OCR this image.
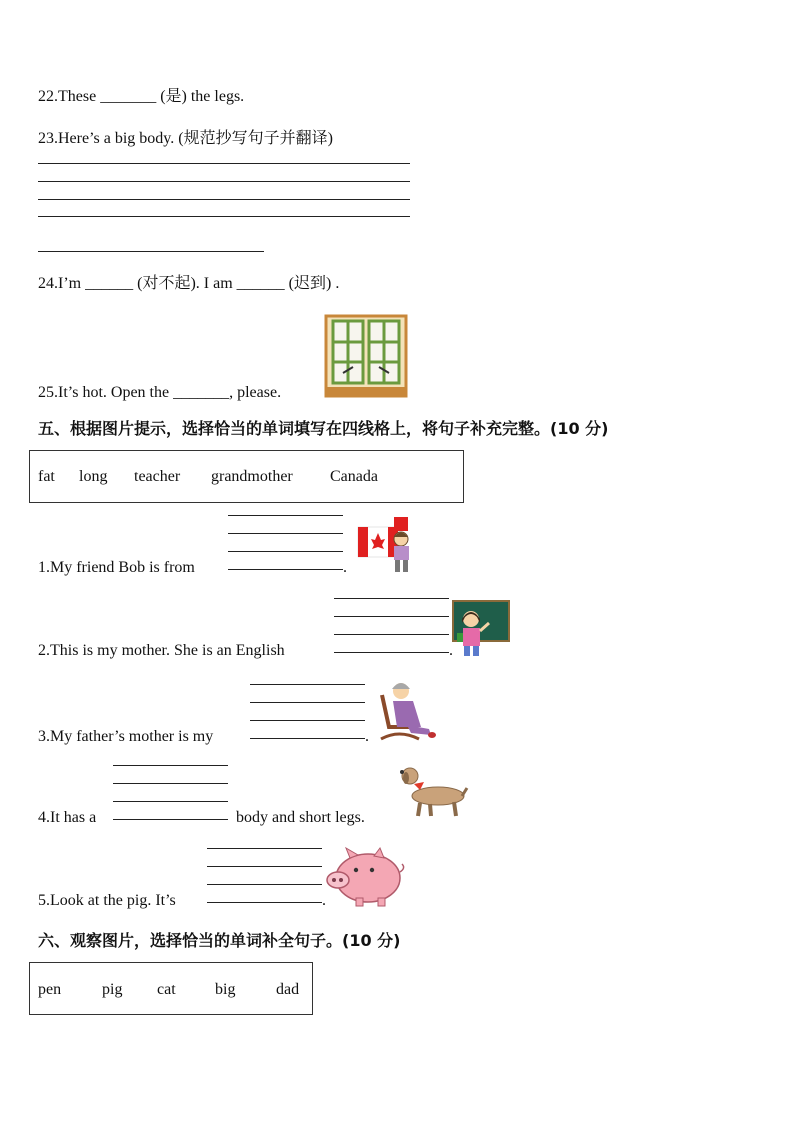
22.These _______ (是) the legs.
23.Here’s a big body. (规范抄写句子并翻译)
24.I’m ______ (对不起). I am ______ (迟到) .
25.It’s hot. Open the _______, please.
五、根据图片提示，选择恰当的单词填写在四线格上，将句子补充完整。(10 分)
fat long teacher grandmother Canada
1.My friend Bob is from	.
2.This is my mother. She is an English	.
3.My father’s mother is my	.
4.It has a	body and short legs.
5.Look at the pig. It’s	.
六、观察图片，选择恰当的单词补全句子。(10 分)
pen	pig cat big	dad
